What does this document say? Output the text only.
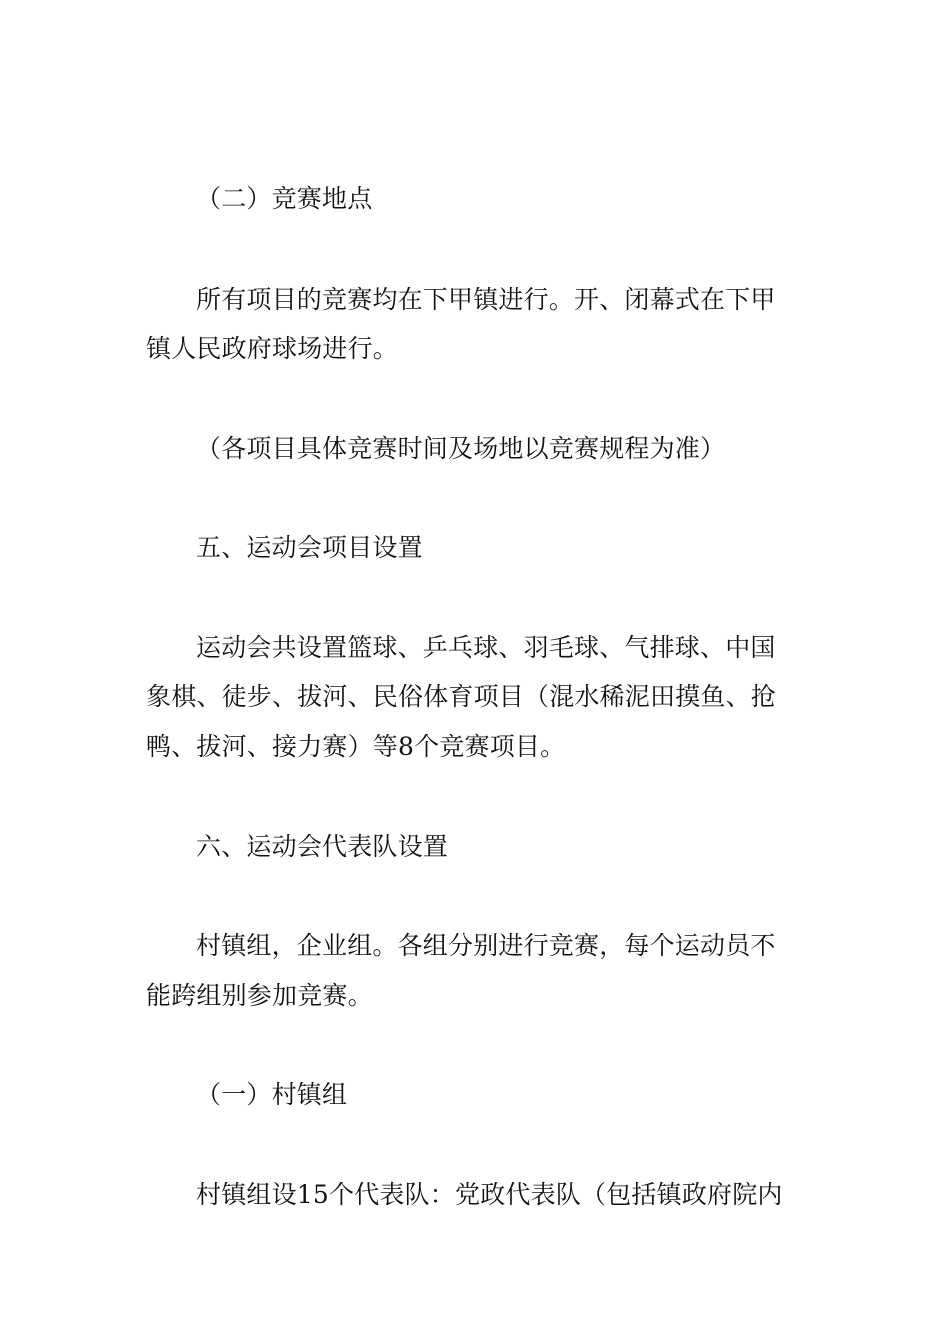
（二）竞赛地点
所有项目的竞赛均在下甲镇进行。开、闭幕式在下甲
镇人民政府球场进行。
（各项目具体竞赛时间及场地以竞赛规程为准）
五、运动会项目设置
运动会共设置篮球、乒乓球、羽毛球、气排球、中国
象棋、徒步、拔河、民俗体育项目（混水稀泥田摸鱼、抢
鸭、拔河、接力赛）等8个竞赛项目。
六、运动会代表队设置
村镇组，企业组。各组分别进行竞赛，每个运动员不
能跨组别参加竞赛。
（一）村镇组
村镇组设15个代表队：党政代表队（包括镇政府院内
